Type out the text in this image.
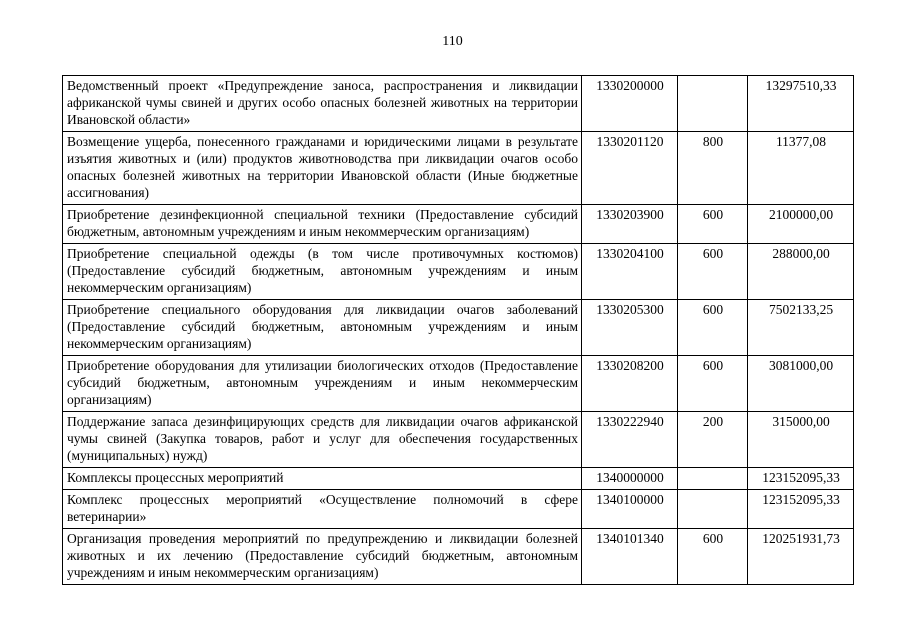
110
Ведомственный проект «Предупреждение заноса, распространения и ликвидации африканской чумы свиней и других особо опасных болезней животных на территории Ивановской области»	1330200000		13297510,33
Возмещение ущерба, понесенного гражданами и юридическими лицами в результате изъятия животных и (или) продуктов животноводства при ликвидации очагов особо опасных болезней животных на территории Ивановской области (Иные бюджетные ассигнования)	1330201120	800	11377,08
Приобретение дезинфекционной специальной техники (Предоставление субсидий бюджетным, автономным учреждениям и иным некоммерческим организациям)	1330203900	600	2100000,00
Приобретение специальной одежды (в том числе противочумных костюмов) (Предоставление субсидий бюджетным, автономным учреждениям и иным некоммерческим организациям)	1330204100	600	288000,00
Приобретение специального оборудования для ликвидации очагов заболеваний (Предоставление субсидий бюджетным, автономным учреждениям и иным некоммерческим организациям)	1330205300	600	7502133,25
Приобретение оборудования для утилизации биологических отходов (Предоставление субсидий бюджетным, автономным учреждениям и иным некоммерческим организациям)	1330208200	600	3081000,00
Поддержание запаса дезинфицирующих средств для ликвидации очагов африканской чумы свиней (Закупка товаров, работ и услуг для обеспечения государственных (муниципальных) нужд)	1330222940	200	315000,00
Комплексы процессных мероприятий	1340000000		123152095,33
Комплекс процессных мероприятий «Осуществление полномочий в сфере ветеринарии»	1340100000		123152095,33
Организация проведения мероприятий по предупреждению и ликвидации болезней животных и их лечению (Предоставление субсидий бюджетным, автономным учреждениям и иным некоммерческим организациям)	1340101340	600	120251931,73
